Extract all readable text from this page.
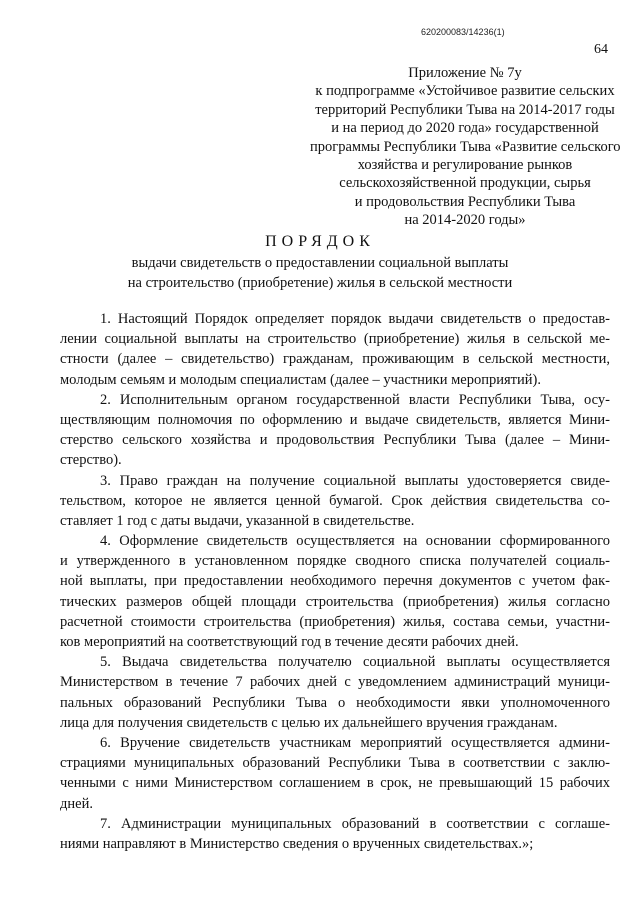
620200083/14236(1)
64
Приложение № 7у
к подпрограмме «Устойчивое развитие сельских
территорий Республики Тыва на 2014-2017 годы
и на период до 2020 года» государственной
программы Республики Тыва «Развитие сельского
хозяйства и регулирование рынков
сельскохозяйственной продукции, сырья
и продовольствия Республики Тыва
на 2014-2020 годы»
ПОРЯДОК
выдачи свидетельств о предоставлении социальной выплаты
на строительство (приобретение) жилья в сельской местности
1. Настоящий Порядок определяет порядок выдачи свидетельств о предостав-
лении социальной выплаты на строительство (приобретение) жилья в сельской ме-
стности (далее – свидетельство) гражданам, проживающим в сельской местности,
молодым семьям и молодым специалистам (далее – участники мероприятий).
2. Исполнительным органом государственной власти Республики Тыва, осу-
ществляющим полномочия по оформлению и выдаче свидетельств, является Мини-
стерство сельского хозяйства и продовольствия Республики Тыва (далее – Мини-
стерство).
3. Право граждан на получение социальной выплаты удостоверяется свиде-
тельством, которое не является ценной бумагой. Срок действия свидетельства со-
ставляет 1 год с даты выдачи, указанной в свидетельстве.
4. Оформление свидетельств осуществляется на основании сформированного
и утвержденного в установленном порядке сводного списка получателей социаль-
ной выплаты, при предоставлении необходимого перечня документов с учетом фак-
тических размеров общей площади строительства (приобретения) жилья согласно
расчетной стоимости строительства (приобретения) жилья, состава семьи, участни-
ков мероприятий на соответствующий год в течение десяти рабочих дней.
5. Выдача свидетельства получателю социальной выплаты осуществляется
Министерством в течение 7 рабочих дней с уведомлением администраций муници-
пальных образований Республики Тыва о необходимости явки уполномоченного
лица для получения свидетельств с целью их дальнейшего вручения гражданам.
6. Вручение свидетельств участникам мероприятий осуществляется админи-
страциями муниципальных образований Республики Тыва в соответствии с заклю-
ченными с ними Министерством соглашением в срок, не превышающий 15 рабочих
дней.
7. Администрации муниципальных образований в соответствии с соглаше-
ниями направляют в Министерство сведения о врученных свидетельствах.»;
